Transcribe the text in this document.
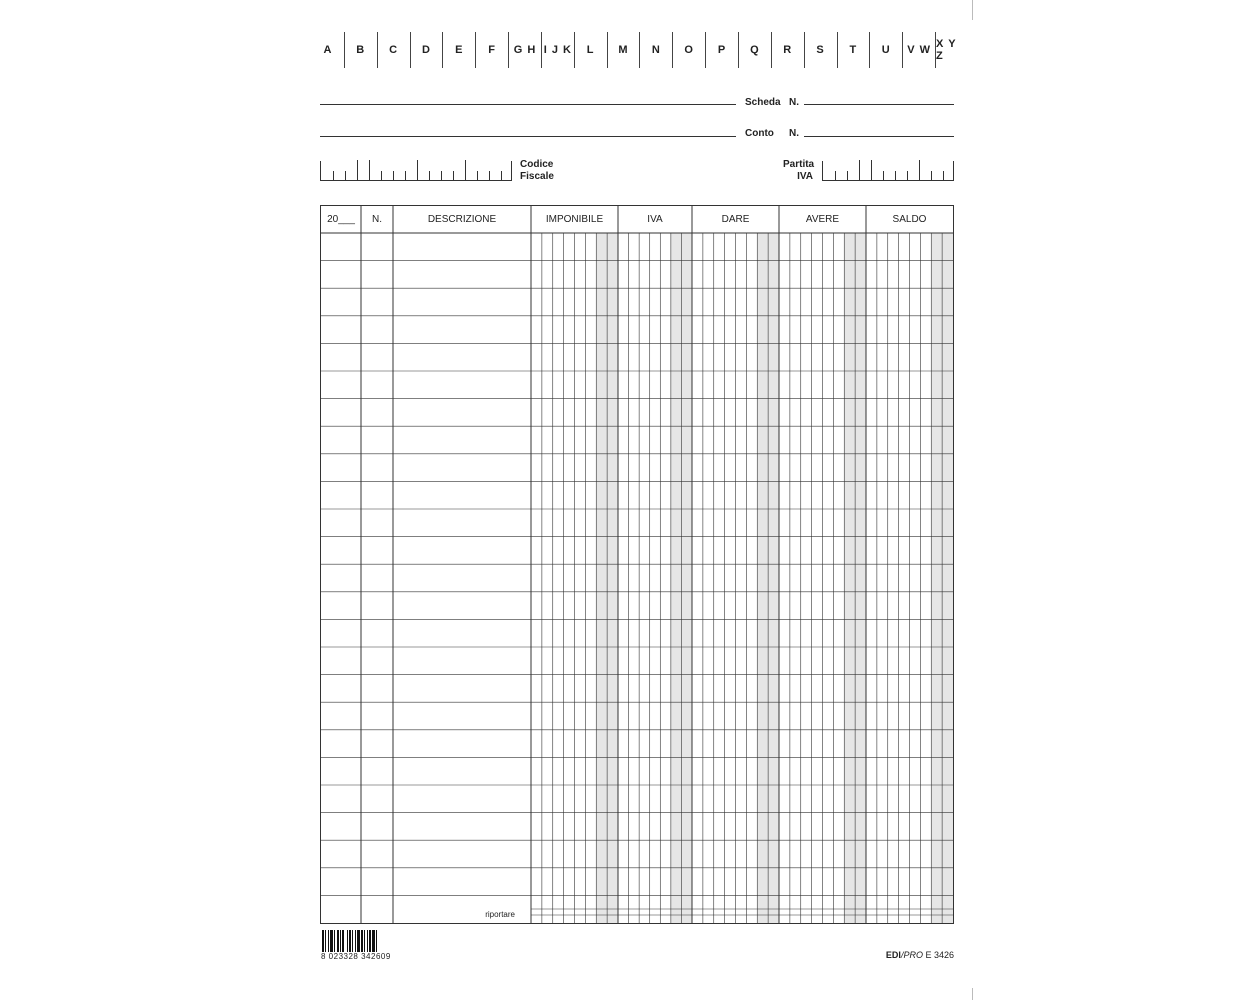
A	B	C	D	E	F	G H I J K	L	M	N	O	P	Q	R	S	T	U	V W X Y Z
Scheda N.
Conto N.
Codice
Fiscale
Partita
IVA
20___	N.	DESCRIZIONE	IMPONIBILE	IVA	DARE	AVERE	SALDO
riportare
8 023328 342609	EDI/PRO E 3426
